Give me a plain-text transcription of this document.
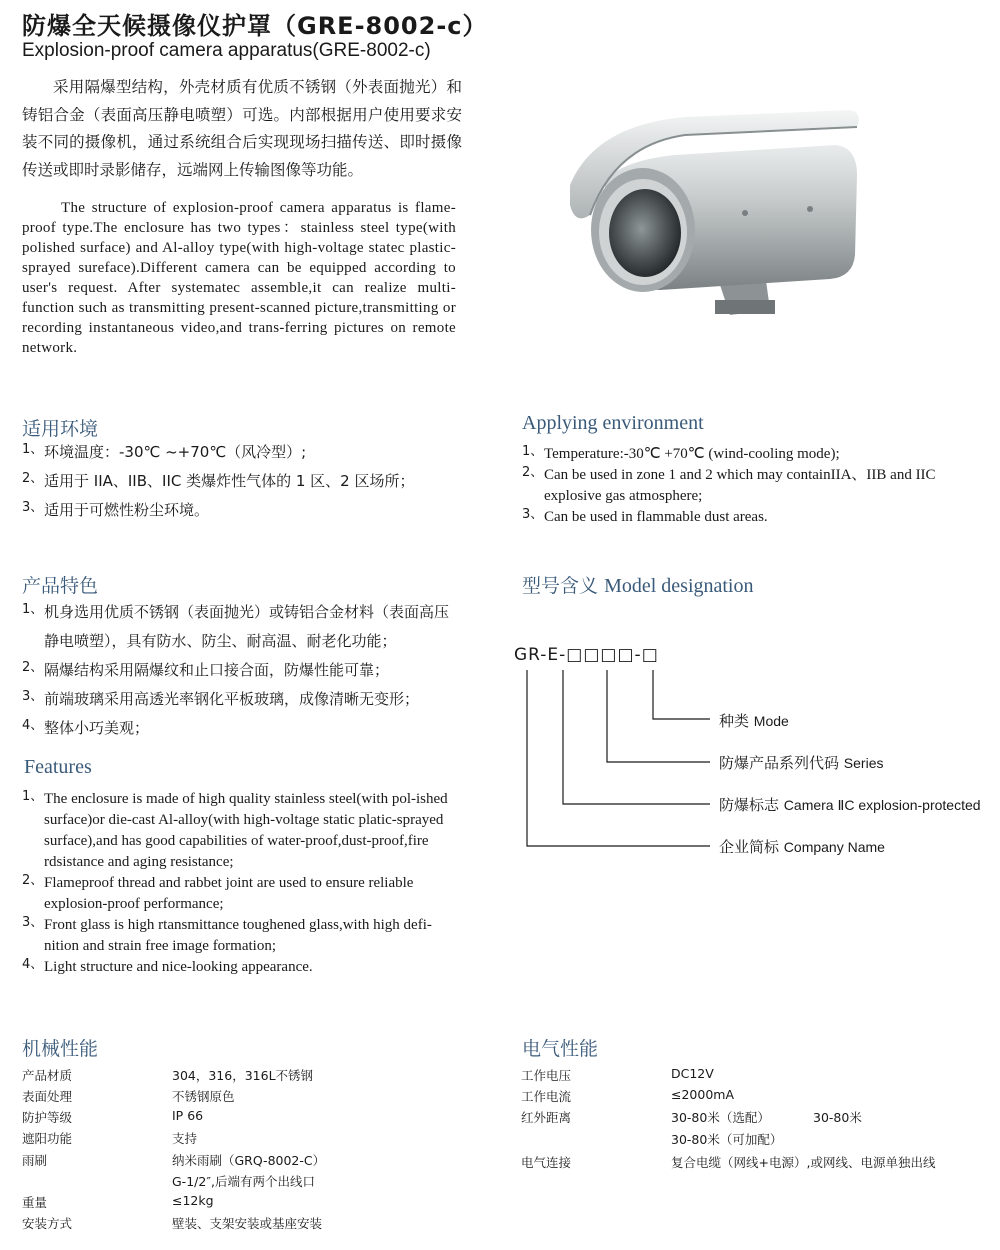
防爆全天候摄像仪护罩（GRE-8002-c）
Explosion-proof camera apparatus(GRE-8002-c)
采用隔爆型结构，外壳材质有优质不锈钢（外表面抛光）和铸铝合金（表面高压静电喷塑）可选。内部根据用户使用要求安装不同的摄像机，通过系统组合后实现现场扫描传送、即时摄像传送或即时录影储存，远端网上传输图像等功能。
The structure of explosion-proof camera apparatus is flame-proof type.The enclosure has two types：stainless steel type(with polished surface) and Al-alloy type(with high-voltage statec plastic-sprayed sureface).Different camera can be equipped according to user's request. After systematec assemble,it can realize multi-function such as transmitting present-scanned picture,transmitting or recording instantaneous video,and trans-ferring pictures on remote network.
适用环境
1、 环境温度：-30℃ ~+70℃（风冷型）;
2、 适用于 IIA、IIB、IIC 类爆炸性气体的 1 区、2 区场所；
3、 适用于可燃性粉尘环境。
Applying environment
1、 Temperature:-30℃ +70℃ (wind-cooling mode);
2、 Can be used in zone 1 and 2 which may containIIA、IIB and IIC explosive gas atmosphere;
3、 Can be used in flammable dust areas.
产品特色
1、 机身选用优质不锈钢（表面抛光）或铸铝合金材料（表面高压静电喷塑），具有防水、防尘、耐高温、耐老化功能；
2、 隔爆结构采用隔爆纹和止口接合面，防爆性能可靠；
3、 前端玻璃采用高透光率钢化平板玻璃，成像清晰无变形；
4、 整体小巧美观；
Features
1、 The enclosure is made of high quality stainless steel(with pol-ished surface)or die-cast Al-alloy(with high-voltage static platic-sprayed surface),and has good capabilities of water-proof,dust-proof,fire rdsistance and aging resistance;
2、 Flameproof thread and rabbet joint are used to ensure reliable explosion-proof performance;
3、 Front glass is high rtansmittance toughened glass,with high defi-nition and strain free image formation;
4、 Light structure and nice-looking appearance.
型号含义 Model designation
GR-E-□□□□-□
种类 Mode
防爆产品系列代码 Series
防爆标志 Camera ⅡC explosion-protected
企业简标 Company Name
机械性能
产品材质	304，316，316L不锈钢
表面处理	不锈钢原色
防护等级	IP 66
遮阳功能	支持
雨刷	纳米雨刷（GRQ-8002-C）
G-1/2″,后端有两个出线口
重量	≤12kg
安装方式	壁装、支架安装或基座安装
电气性能
工作电压	DC12V
工作电流	≤2000mA
红外距离	30-80米（选配）	30-80米
30-80米（可加配）
电气连接	复合电缆（网线+电源）,或网线、电源单独出线
